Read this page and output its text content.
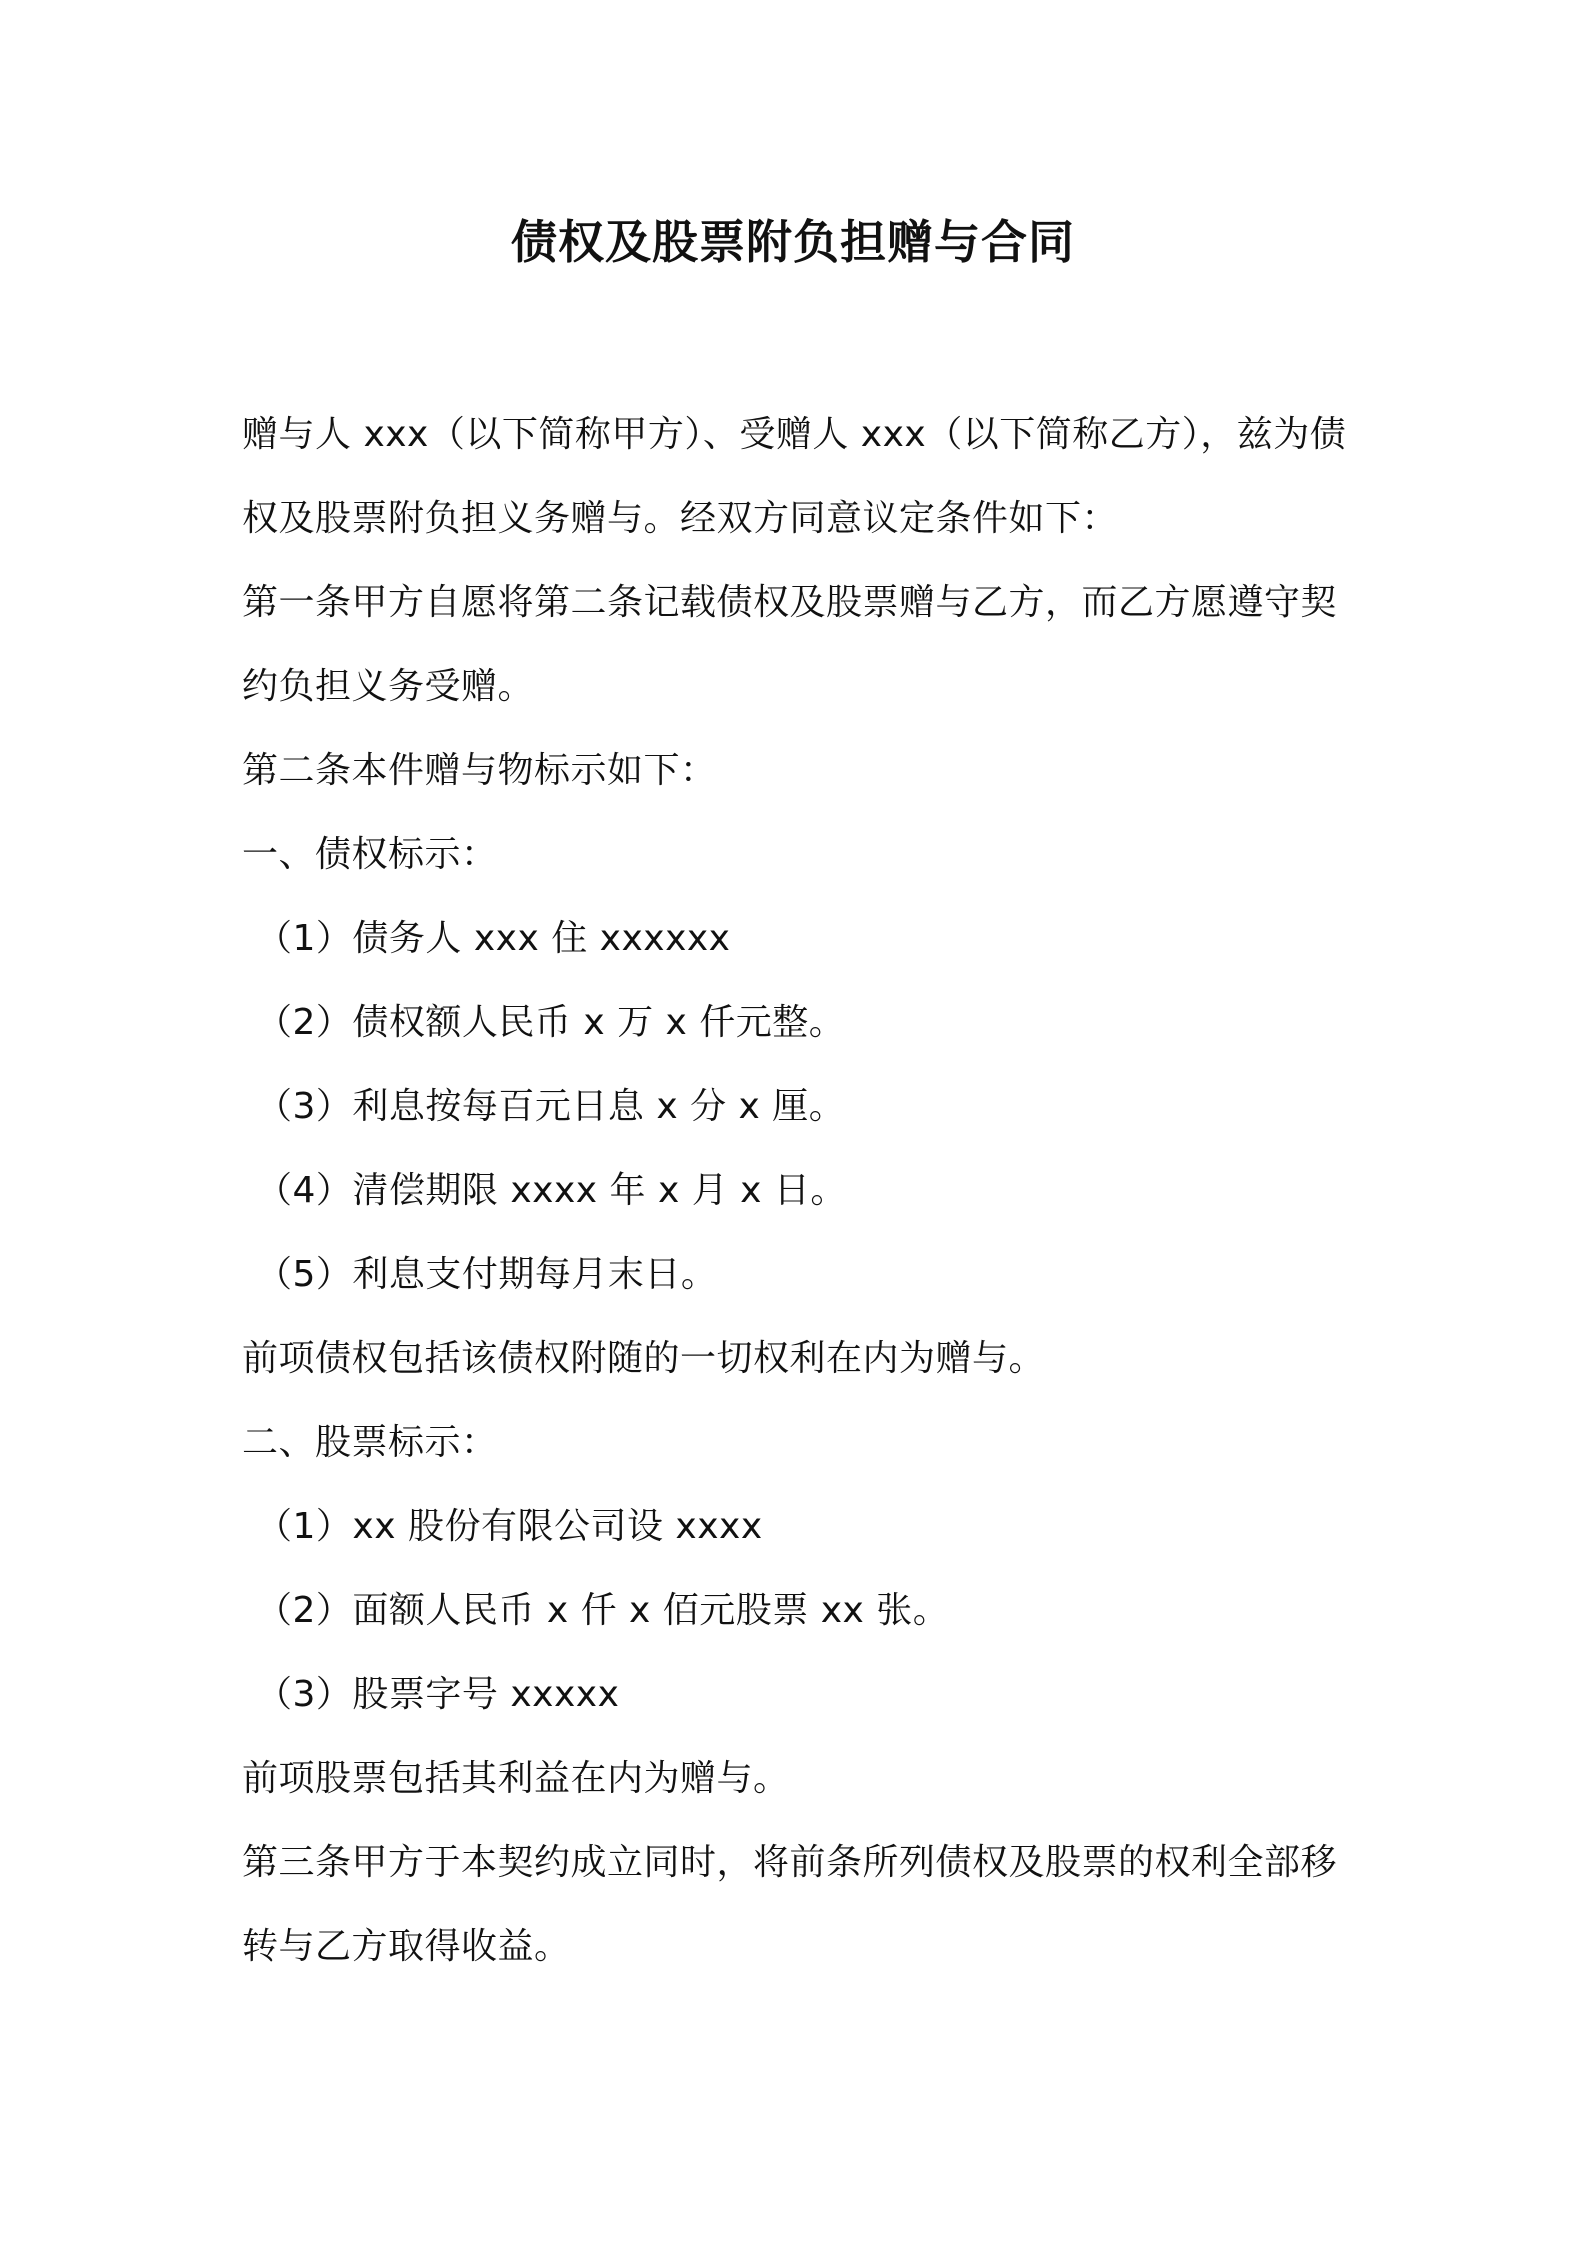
债权及股票附负担赠与合同
赠与人 xxx（以下简称甲方）、受赠人 xxx（以下简称乙方），兹为债
权及股票附负担义务赠与。经双方同意议定条件如下：
第一条甲方自愿将第二条记载债权及股票赠与乙方，而乙方愿遵守契
约负担义务受赠。
第二条本件赠与物标示如下：
一、债权标示：
（1）债务人 xxx 住 xxxxxx
（2）债权额人民币 x 万 x 仟元整。
（3）利息按每百元日息 x 分 x 厘。
（4）清偿期限 xxxx 年 x 月 x 日。
（5）利息支付期每月末日。
前项债权包括该债权附随的一切权利在内为赠与。
二、股票标示：
（1）xx 股份有限公司设 xxxx
（2）面额人民币 x 仟 x 佰元股票 xx 张。
（3）股票字号 xxxxx
前项股票包括其利益在内为赠与。
第三条甲方于本契约成立同时，将前条所列债权及股票的权利全部移
转与乙方取得收益。
